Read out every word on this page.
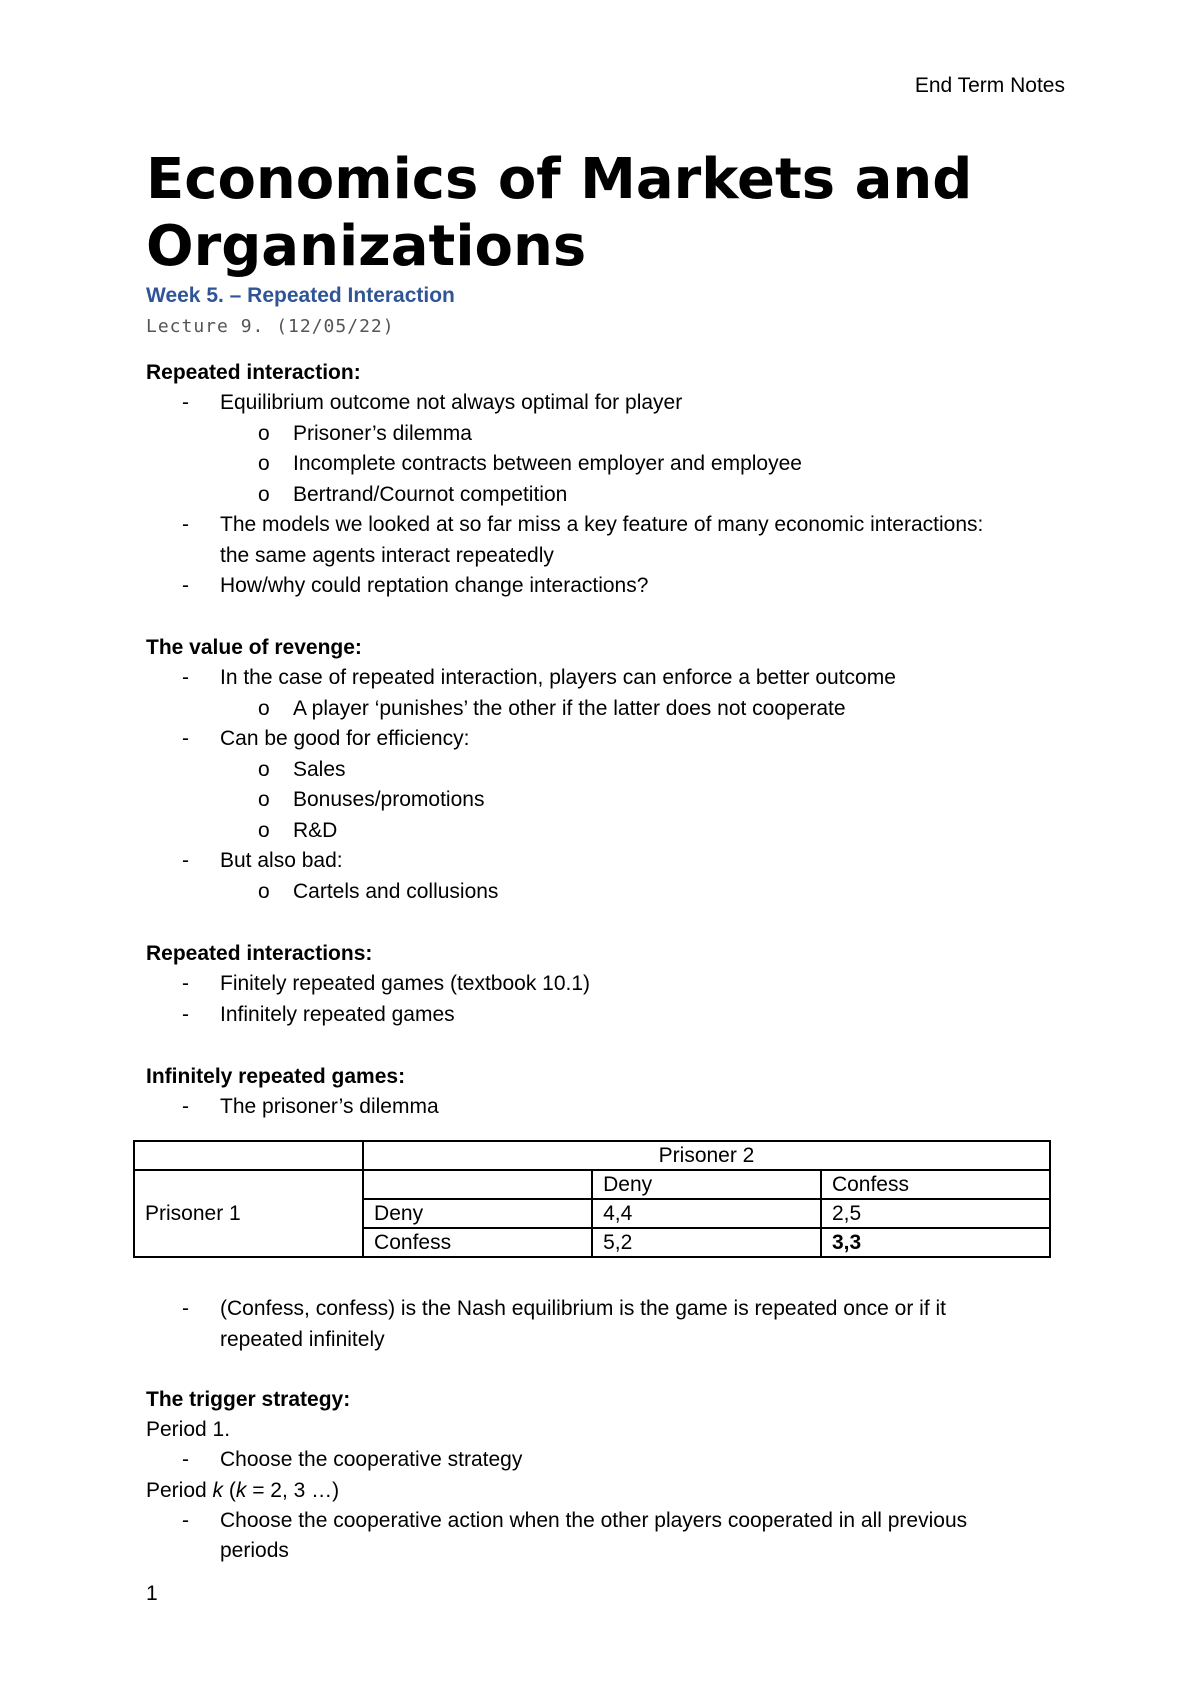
End Term Notes
Economics of Markets and Organizations
Week 5. – Repeated Interaction
Lecture 9. (12/05/22)
Repeated interaction:
- Equilibrium outcome not always optimal for player
o Prisoner’s dilemma
o Incomplete contracts between employer and employee
o Bertrand/Cournot competition
- The models we looked at so far miss a key feature of many economic interactions:
the same agents interact repeatedly
- How/why could reptation change interactions?
The value of revenge:
- In the case of repeated interaction, players can enforce a better outcome
o A player ‘punishes’ the other if the latter does not cooperate
- Can be good for efficiency:
o Sales
o Bonuses/promotions
o R&D
- But also bad:
o Cartels and collusions
Repeated interactions:
- Finitely repeated games (textbook 10.1)
- Infinitely repeated games
Infinitely repeated games:
- The prisoner’s dilemma
	Prisoner 2		
Prisoner 1		Deny	Confess
	Deny	4,4	2,5
	Confess	5,2	3,3
- (Confess, confess) is the Nash equilibrium is the game is repeated once or if it
repeated infinitely
The trigger strategy:
Period 1.
- Choose the cooperative strategy
Period k (k = 2, 3 …)
- Choose the cooperative action when the other players cooperated in all previous
periods
1
